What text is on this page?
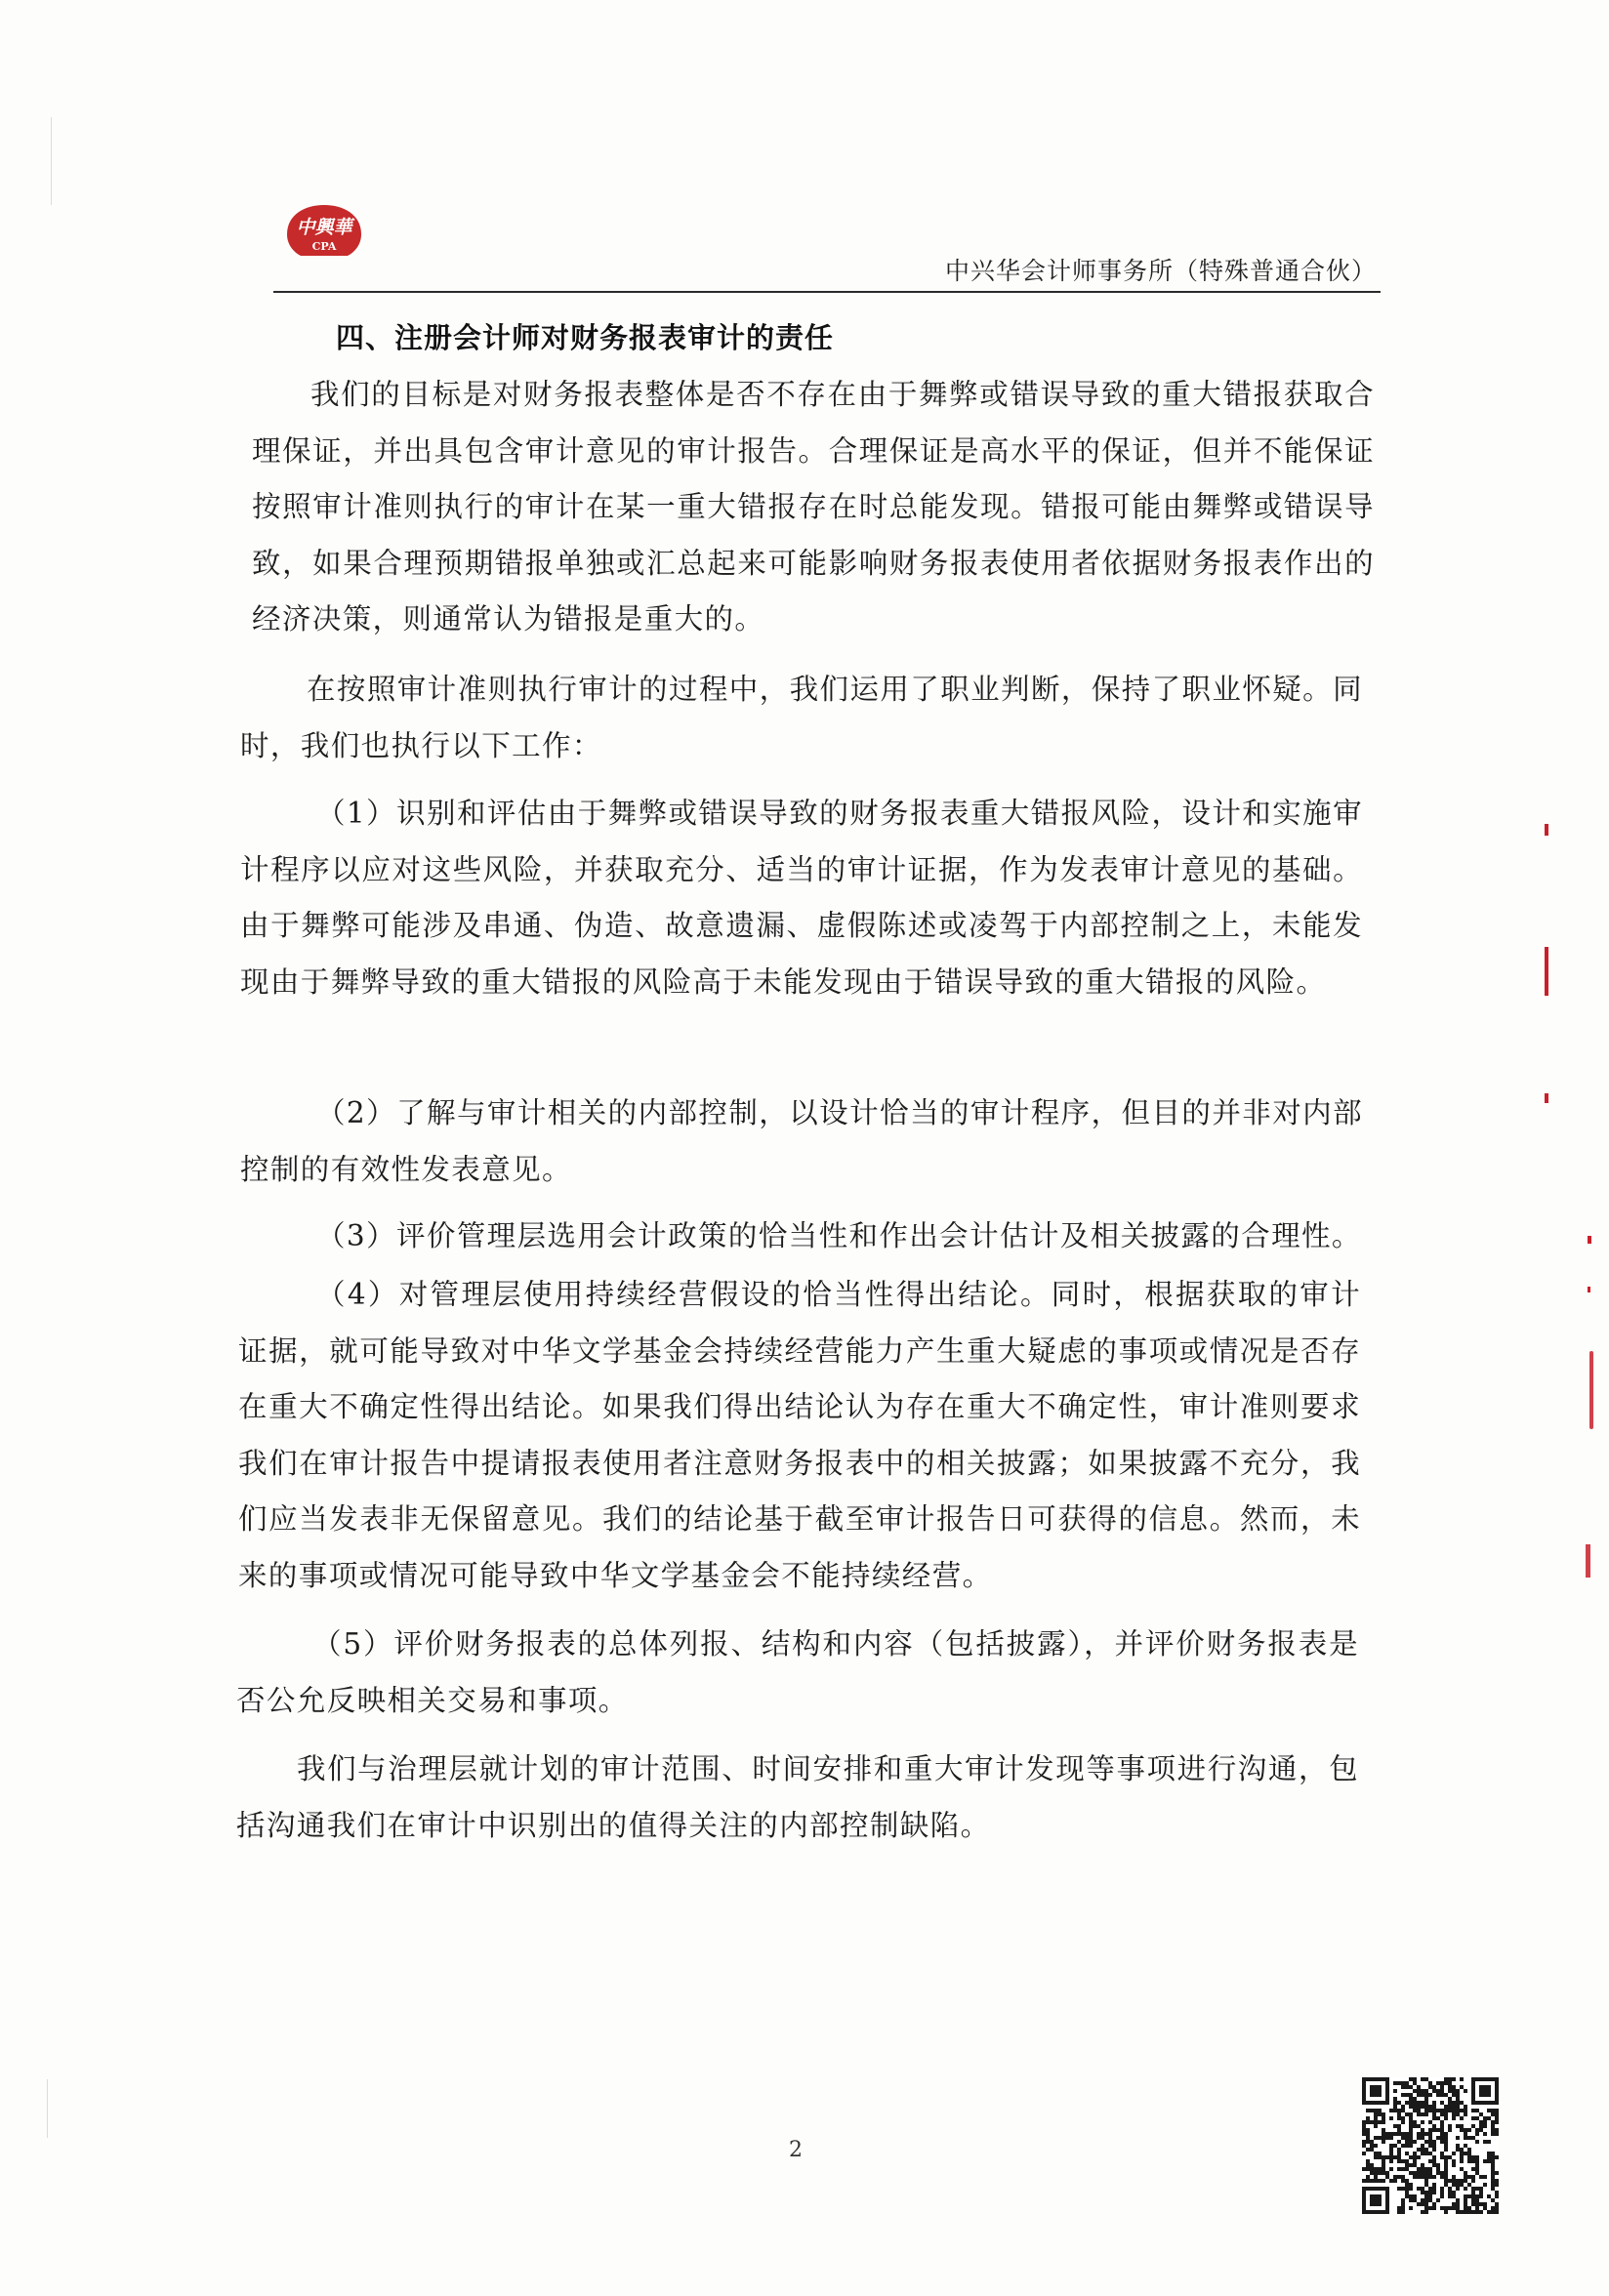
中興華
CPA
中兴华会计师事务所（特殊普通合伙）
四、注册会计师对财务报表审计的责任

我们的目标是对财务报表整体是否不存在由于舞弊或错误导致的重大错报获取合理保证，并出具包含审计意见的审计报告。合理保证是高水平的保证，但并不能保证按照审计准则执行的审计在某一重大错报存在时总能发现。错报可能由舞弊或错误导致，如果合理预期错报单独或汇总起来可能影响财务报表使用者依据财务报表作出的经济决策，则通常认为错报是重大的。

在按照审计准则执行审计的过程中，我们运用了职业判断，保持了职业怀疑。同时，我们也执行以下工作：

（1）识别和评估由于舞弊或错误导致的财务报表重大错报风险，设计和实施审计程序以应对这些风险，并获取充分、适当的审计证据，作为发表审计意见的基础。由于舞弊可能涉及串通、伪造、故意遗漏、虚假陈述或凌驾于内部控制之上，未能发现由于舞弊导致的重大错报的风险高于未能发现由于错误导致的重大错报的风险。

（2）了解与审计相关的内部控制，以设计恰当的审计程序，但目的并非对内部控制的有效性发表意见。

（3）评价管理层选用会计政策的恰当性和作出会计估计及相关披露的合理性。

（4）对管理层使用持续经营假设的恰当性得出结论。同时，根据获取的审计证据，就可能导致对中华文学基金会持续经营能力产生重大疑虑的事项或情况是否存在重大不确定性得出结论。如果我们得出结论认为存在重大不确定性，审计准则要求我们在审计报告中提请报表使用者注意财务报表中的相关披露；如果披露不充分，我们应当发表非无保留意见。我们的结论基于截至审计报告日可获得的信息。然而，未来的事项或情况可能导致中华文学基金会不能持续经营。

（5）评价财务报表的总体列报、结构和内容（包括披露），并评价财务报表是否公允反映相关交易和事项。

我们与治理层就计划的审计范围、时间安排和重大审计发现等事项进行沟通，包括沟通我们在审计中识别出的值得关注的内部控制缺陷。

2
